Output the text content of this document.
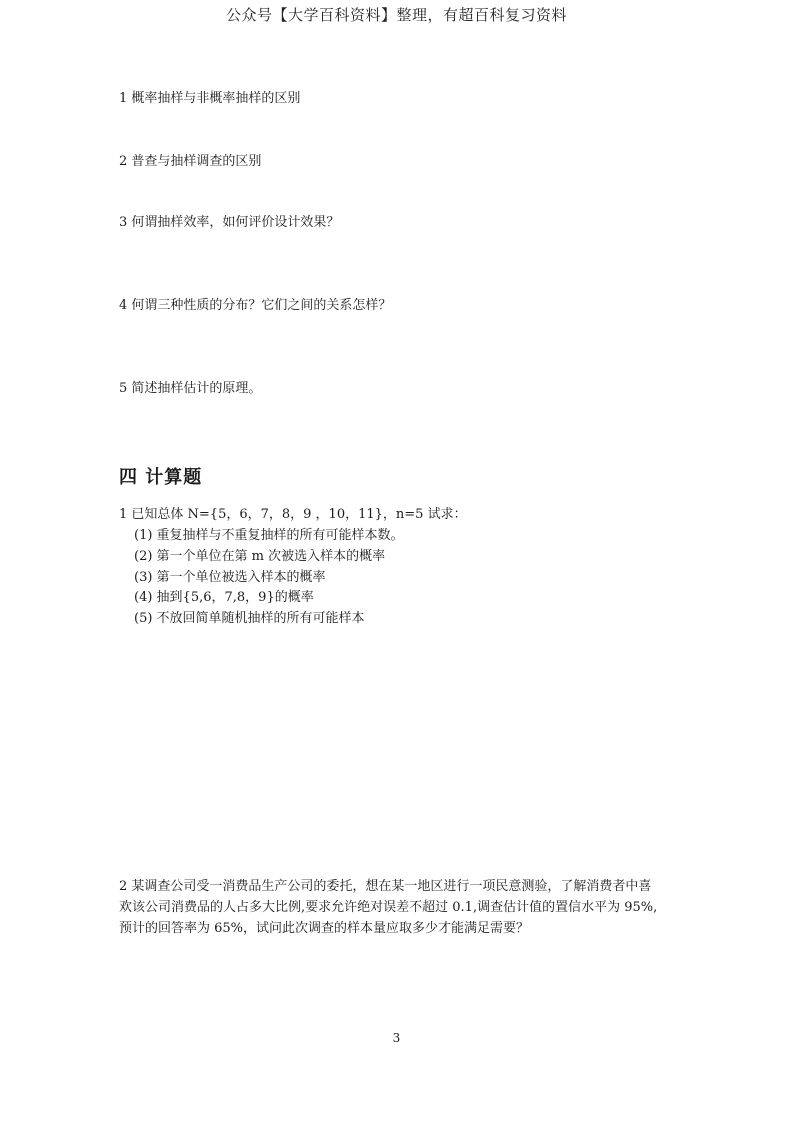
公众号【大学百科资料】整理，有超百科复习资料
1 概率抽样与非概率抽样的区别
2 普查与抽样调查的区别
3 何谓抽样效率，如何评价设计效果？
4 何谓三种性质的分布？它们之间的关系怎样？
5 简述抽样估计的原理。
四 计算题
1 已知总体 N={5，6，7，8，9 ，10，11}，n=5 试求：
(1) 重复抽样与不重复抽样的所有可能样本数。
(2) 第一个单位在第 m 次被选入样本的概率
(3) 第一个单位被选入样本的概率
(4) 抽到{5,6，7,8，9}的概率
(5) 不放回简单随机抽样的所有可能样本
2 某调查公司受一消费品生产公司的委托，想在某一地区进行一项民意测验，了解消费者中喜
欢该公司消费品的人占多大比例,要求允许绝对误差不超过 0.1,调查估计值的置信水平为 95%,
预计的回答率为 65%，试问此次调查的样本量应取多少才能满足需要？
3
